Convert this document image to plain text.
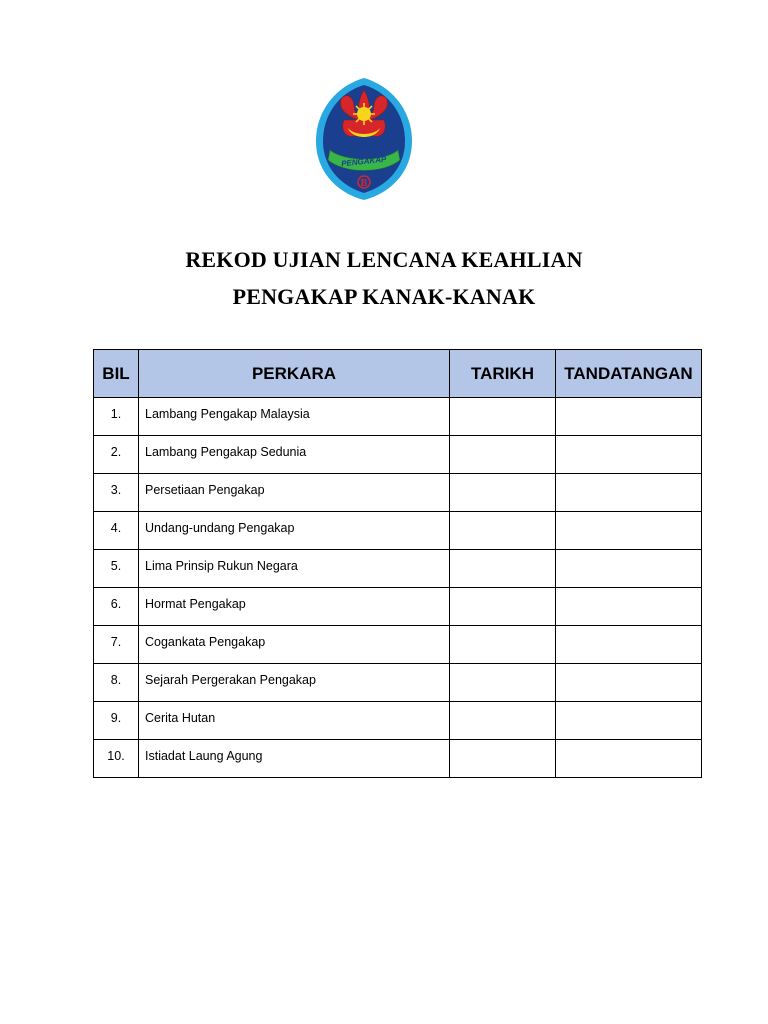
PENGAKAP
B
REKOD UJIAN LENCANA KEAHLIAN
PENGAKAP KANAK-KANAK
BIL	PERKARA	TARIKH	TANDATANGAN
1.	Lambang Pengakap Malaysia		
2.	Lambang Pengakap Sedunia		
3.	Persetiaan Pengakap		
4.	Undang-undang Pengakap		
5.	Lima Prinsip Rukun Negara		
6.	Hormat Pengakap		
7.	Cogankata Pengakap		
8.	Sejarah Pergerakan Pengakap		
9.	Cerita Hutan		
10.	Istiadat Laung Agung		
